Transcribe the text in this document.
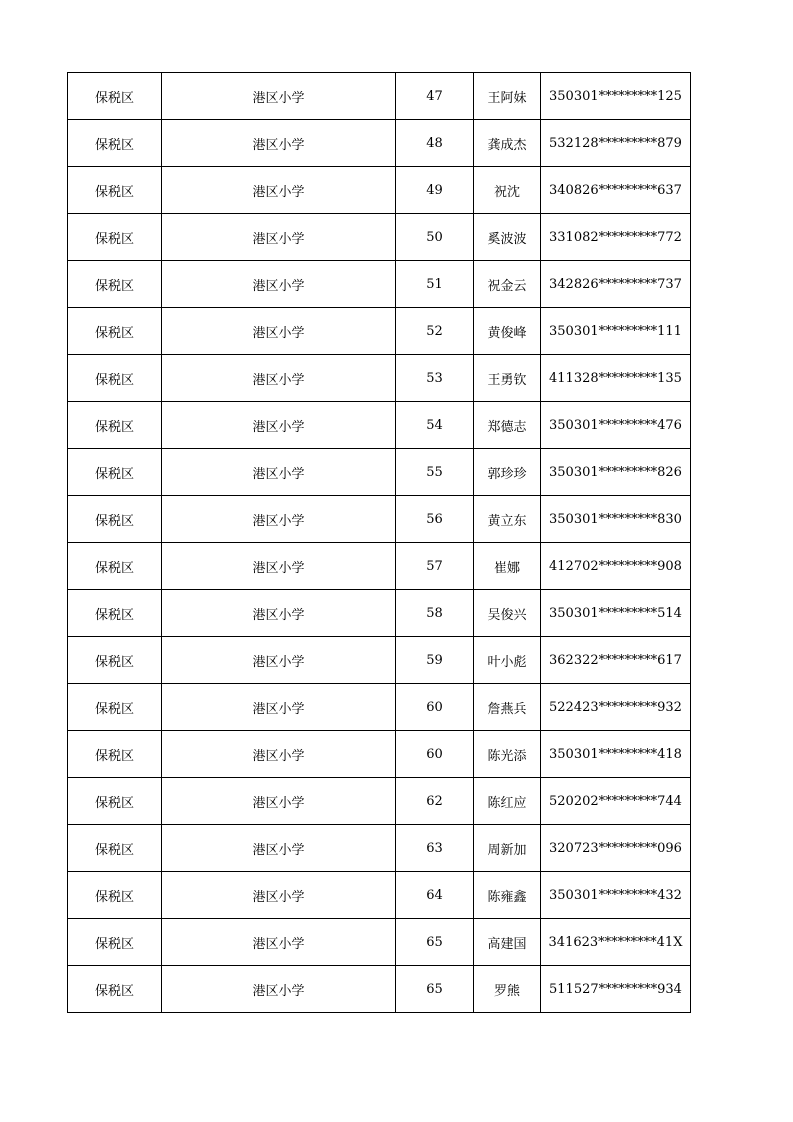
保税区	港区小学	47	王阿妹	350301*********125
保税区	港区小学	48	龚成杰	532128*********879
保税区	港区小学	49	祝沈	340826*********637
保税区	港区小学	50	奚波波	331082*********772
保税区	港区小学	51	祝金云	342826*********737
保税区	港区小学	52	黄俊峰	350301*********111
保税区	港区小学	53	王勇钦	411328*********135
保税区	港区小学	54	郑德志	350301*********476
保税区	港区小学	55	郭珍珍	350301*********826
保税区	港区小学	56	黄立东	350301*********830
保税区	港区小学	57	崔娜	412702*********908
保税区	港区小学	58	吴俊兴	350301*********514
保税区	港区小学	59	叶小彪	362322*********617
保税区	港区小学	60	詹燕兵	522423*********932
保税区	港区小学	60	陈光添	350301*********418
保税区	港区小学	62	陈红应	520202*********744
保税区	港区小学	63	周新加	320723*********096
保税区	港区小学	64	陈雍鑫	350301*********432
保税区	港区小学	65	高建国	341623*********41X
保税区	港区小学	65	罗熊	511527*********934
